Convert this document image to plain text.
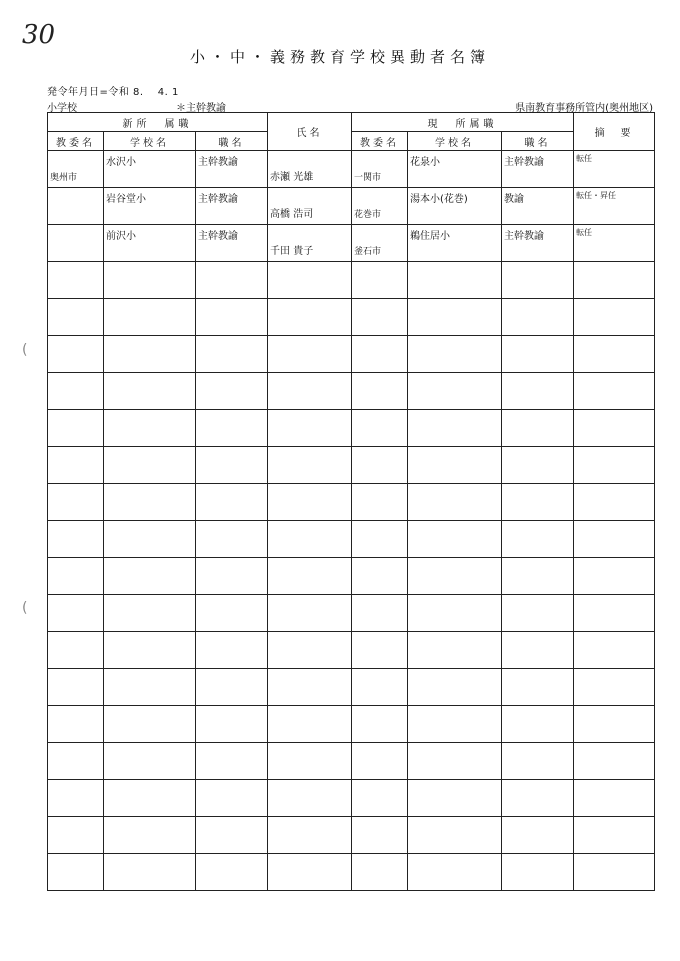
30
小・中・義務教育学校異動者名簿
発令年月日=令和 8.　 4. 1
小学校	＊主幹教諭	県南教育事務所管内(奥州地区)
(
(
新所　属職			氏名	現　所属職			摘　要
教委名	学校名	職名		教委名	学校名	職名	

奥州市	水沢小	主幹教諭	赤瀬 光雄	一関市	花泉小	主幹教諭	転任

	岩谷堂小	主幹教諭	高橋 浩司	花巻市	湯本小(花巻)	教諭	転任・昇任

	前沢小	主幹教諭	千田 貴子	釜石市	鵜住居小	主幹教諭	転任
